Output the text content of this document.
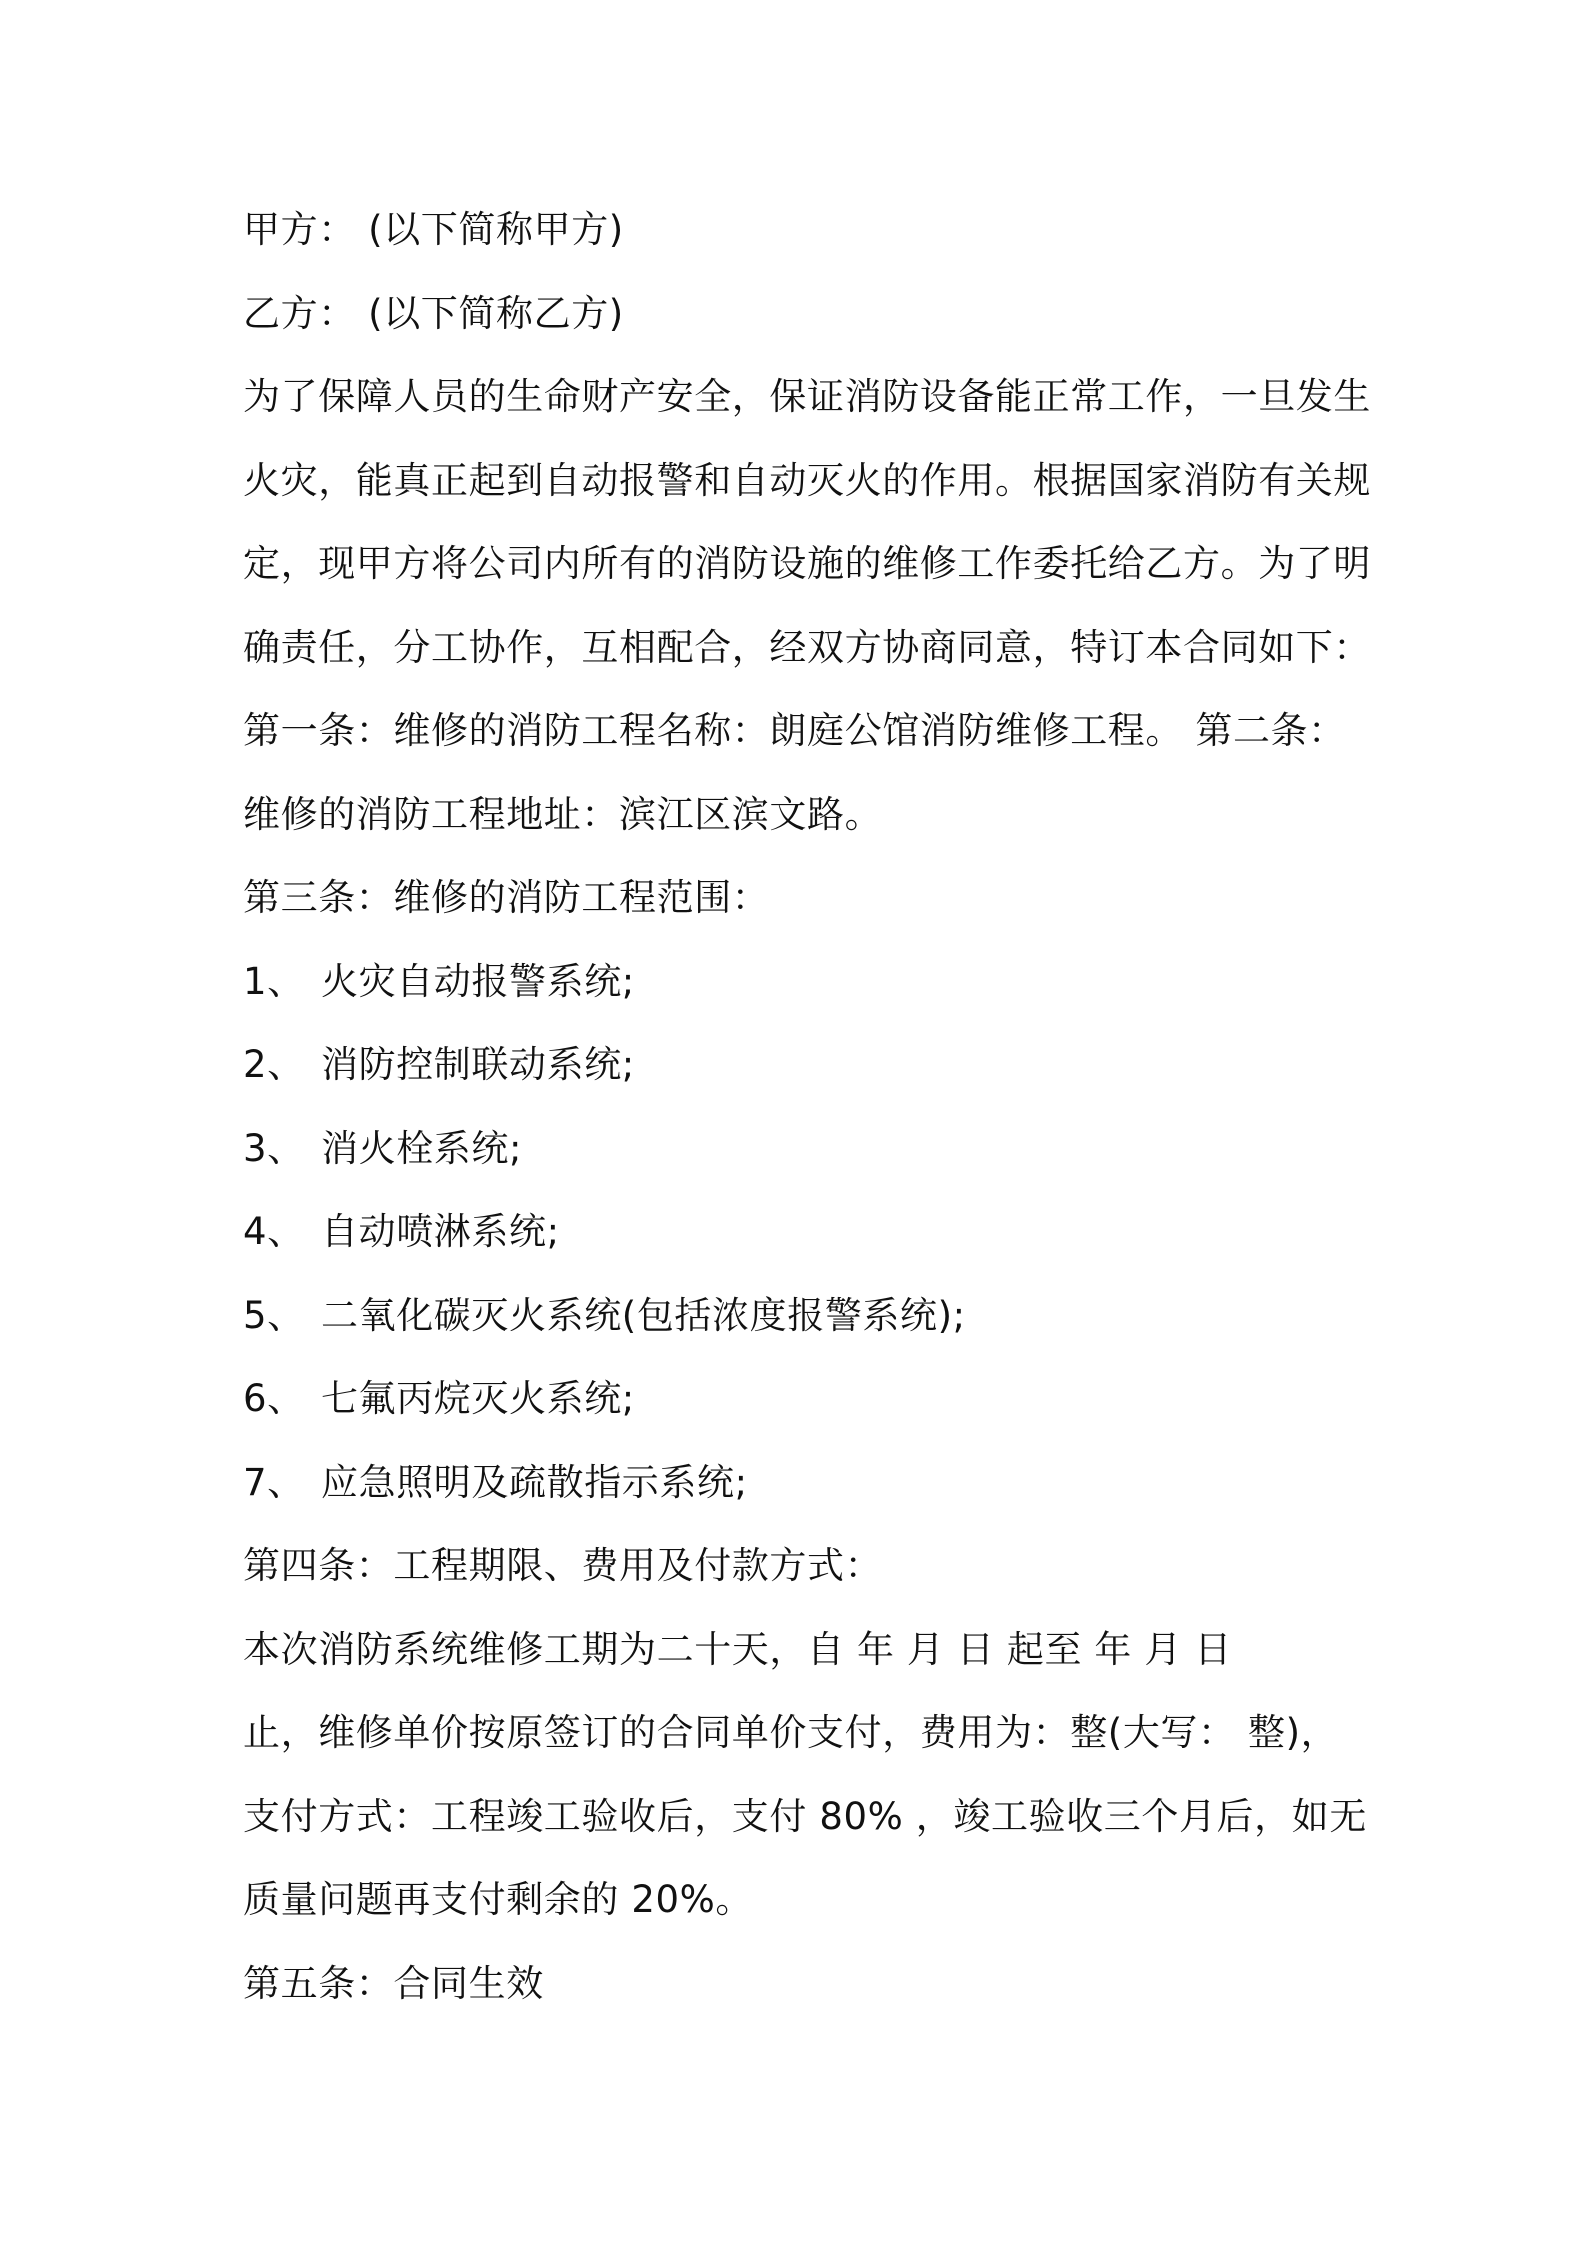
甲方： (以下简称甲方)
乙方： (以下简称乙方)
为了保障人员的生命财产安全，保证消防设备能正常工作，一旦发生
火灾，能真正起到自动报警和自动灭火的作用。根据国家消防有关规
定，现甲方将公司内所有的消防设施的维修工作委托给乙方。为了明
确责任，分工协作，互相配合，经双方协商同意，特订本合同如下：
第一条：维修的消防工程名称：朗庭公馆消防维修工程。 第二条：
维修的消防工程地址：滨江区滨文路。
第三条：维修的消防工程范围：
1、 火灾自动报警系统;
2、 消防控制联动系统;
3、 消火栓系统;
4、 自动喷淋系统;
5、 二氧化碳灭火系统(包括浓度报警系统);
6、 七氟丙烷灭火系统;
7、 应急照明及疏散指示系统;
第四条：工程期限、费用及付款方式：
本次消防系统维修工期为二十天，自 年 月 日 起至 年 月 日
止，维修单价按原签订的合同单价支付，费用为：整(大写： 整)，
支付方式：工程竣工验收后，支付 80% ，竣工验收三个月后，如无
质量问题再支付剩余的 20%。
第五条：合同生效
